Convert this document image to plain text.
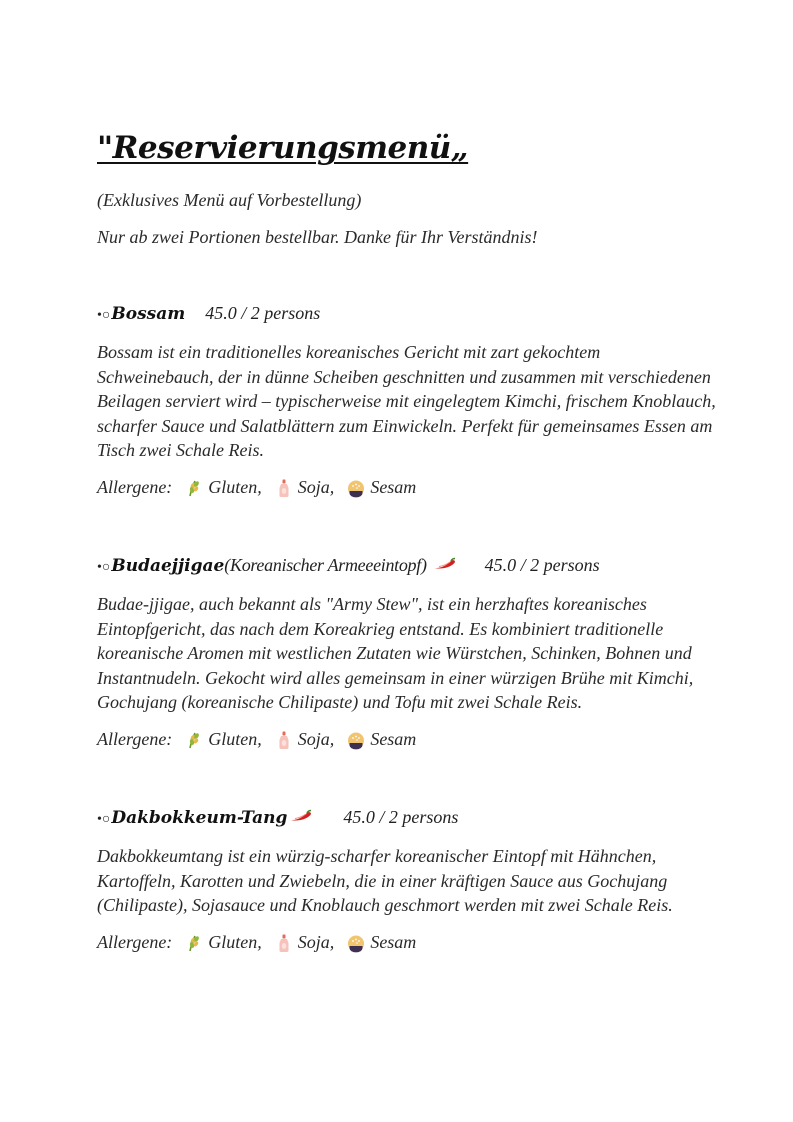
"Reservierungsmenü„

(Exklusives Menü auf Vorbestellung)

Nur ab zwei Portionen bestellbar. Danke für Ihr Verständnis!

•○ Bossam 45.0 / 2 persons

Bossam ist ein traditionelles koreanisches Gericht mit zart gekochtem Schweinebauch, der in dünne Scheiben geschnitten und zusammen mit verschiedenen Beilagen serviert wird – typischerweise mit eingelegtem Kimchi, frischem Knoblauch, scharfer Sauce und Salatblättern zum Einwickeln. Perfekt für gemeinsames Essen am Tisch zwei Schale Reis.

Allergene: Gluten, Soja, Sesam
•○ Budaejjigae (Koreanischer Armeeeintopf)	45.0 / 2 persons

Budae-jjigae, auch bekannt als "Army Stew", ist ein herzhaftes koreanisches Eintopfgericht, das nach dem Koreakrieg entstand. Es kombiniert traditionelle koreanische Aromen mit westlichen Zutaten wie Würstchen, Schinken, Bohnen und Instantnudeln. Gekocht wird alles gemeinsam in einer würzigen Brühe mit Kimchi, Gochujang (koreanische Chilipaste) und Tofu mit zwei Schale Reis.

Allergene: Gluten, Soja, Sesam
•○ Dakbokkeum-Tang	45.0 / 2 persons

Dakbokkeumtang ist ein würzig-scharfer koreanischer Eintopf mit Hähnchen, Kartoffeln, Karotten und Zwiebeln, die in einer kräftigen Sauce aus Gochujang (Chilipaste), Sojasauce und Knoblauch geschmort werden mit zwei Schale Reis.

Allergene: Gluten, Soja, Sesam
